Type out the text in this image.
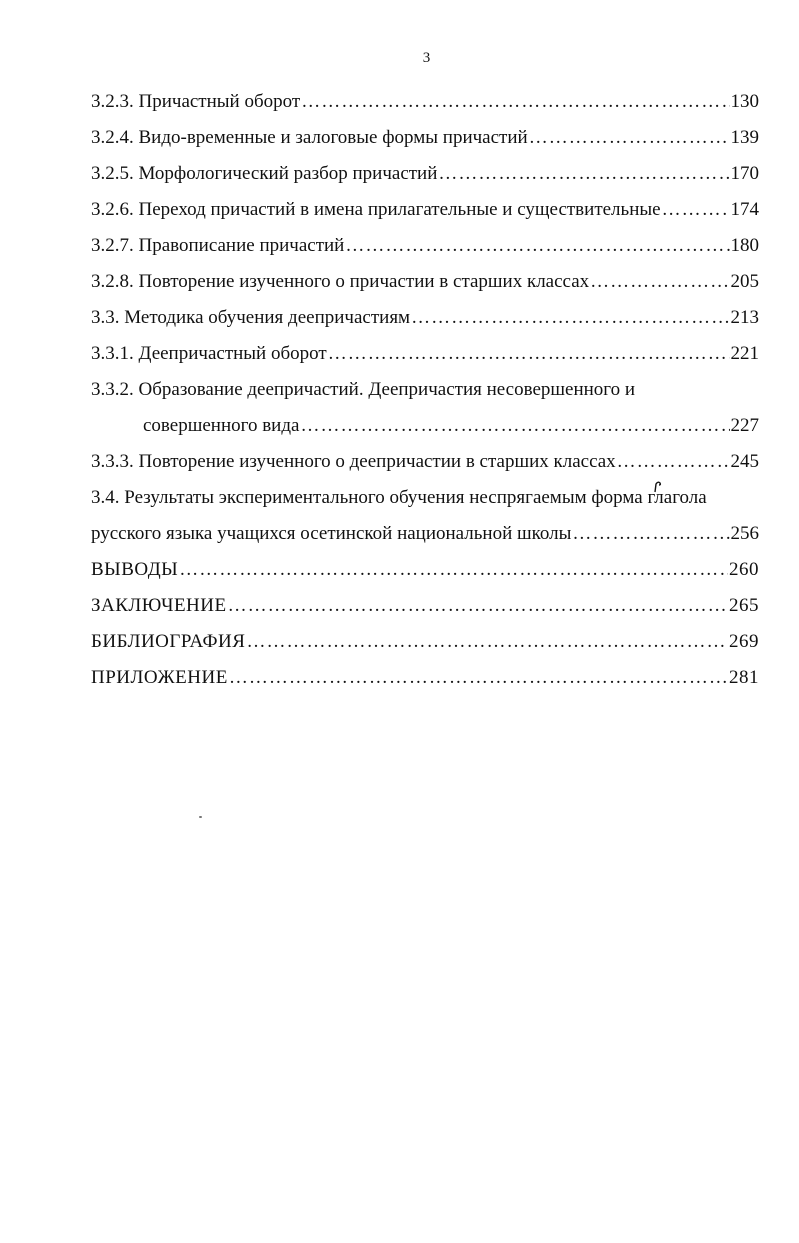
3
3.2.3. Причастный оборот ……………………………………………………………………………………………………………………………………………………………………………	130
3.2.4. Видо-временные и залоговые формы причастий ……………………………………………………………………………………………………………………………………………………………………………	139
3.2.5. Морфологический разбор причастий ……………………………………………………………………………………………………………………………………………………………………………	170
3.2.6. Переход причастий в имена прилагательные и существительные ……………………………………………………………………………………………………………………………………………………………………………	174
3.2.7. Правописание причастий ……………………………………………………………………………………………………………………………………………………………………………	180
3.2.8. Повторение изученного о причастии в старших классах ……………………………………………………………………………………………………………………………………………………………………………	205
3.3. Методика обучения деепричастиям ……………………………………………………………………………………………………………………………………………………………………………	213
3.3.1. Деепричастный оборот ……………………………………………………………………………………………………………………………………………………………………………	221
3.3.2. Образование деепричастий. Деепричастия несовершенного и
совершенного вида ……………………………………………………………………………………………………………………………………………………………………………	227
3.3.3. Повторение изученного о деепричастии в старших классах ……………………………………………………………………………………………………………………………………………………………………………	245
3.4. Результаты экспериментального обучения неспрягаемым форма глагола
русского языка учащихся осетинской национальной школы ……………………………………………………………………………………………………………………………………………………………………………	256
ВЫВОДЫ ……………………………………………………………………………………………………………………………………………………………………………	260
ЗАКЛЮЧЕНИЕ ……………………………………………………………………………………………………………………………………………………………………………	265
БИБЛИОГРАФИЯ ……………………………………………………………………………………………………………………………………………………………………………	269
ПРИЛОЖЕНИЕ ……………………………………………………………………………………………………………………………………………………………………………	281
